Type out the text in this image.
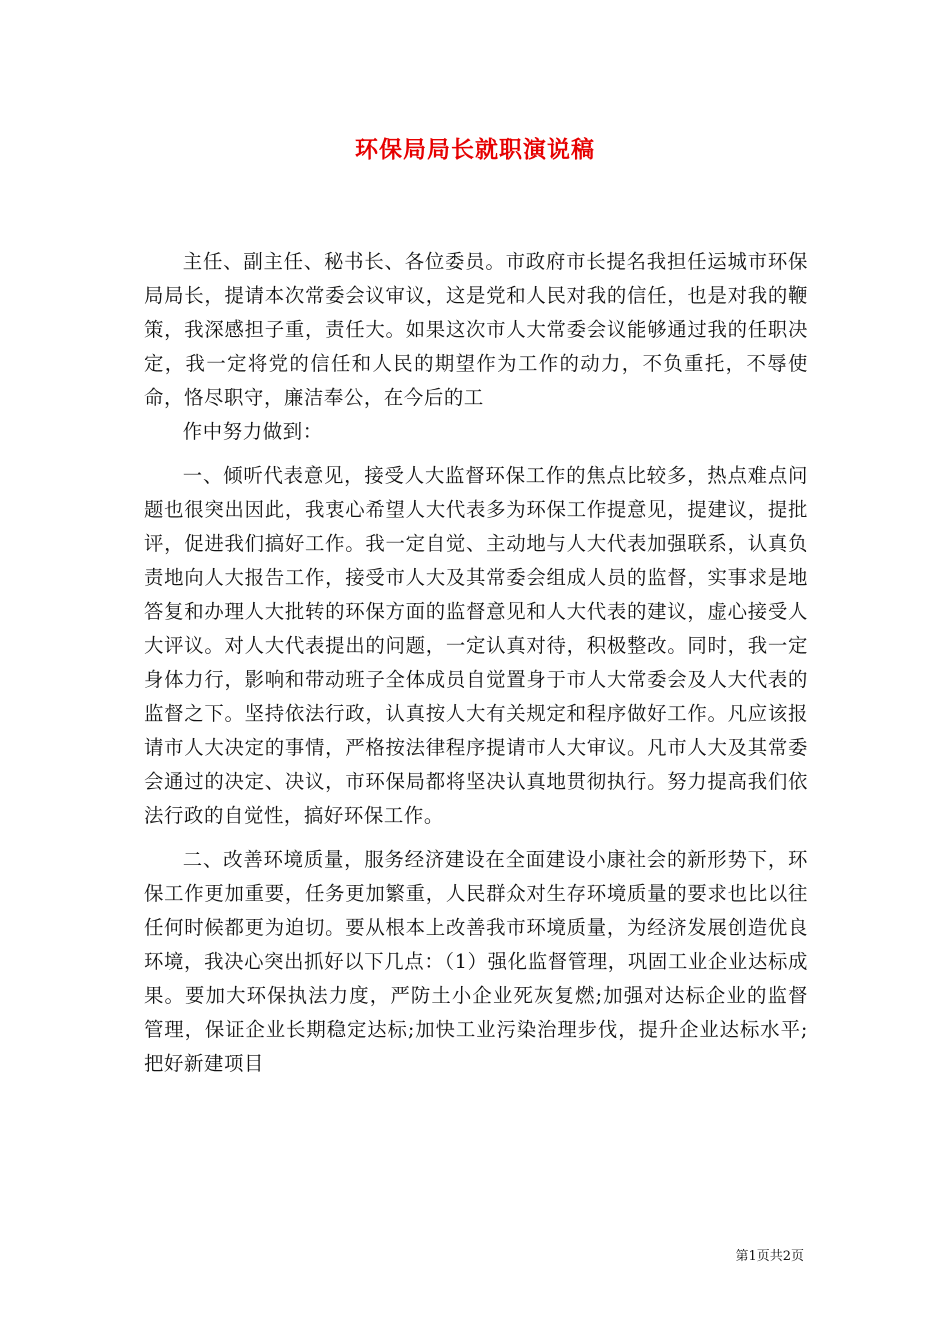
环保局局长就职演说稿

主任、副主任、秘书长、各位委员。市政府市长提名我担任运城市环保局局长，提请本次常委会议审议，这是党和人民对我的信任，也是对我的鞭策，我深感担子重，责任大。如果这次市人大常委会议能够通过我的任职决定，我一定将党的信任和人民的期望作为工作的动力，不负重托，不辱使命，恪尽职守，廉洁奉公，在今后的工

作中努力做到：

一、倾听代表意见，接受人大监督环保工作的焦点比较多，热点难点问题也很突出因此，我衷心希望人大代表多为环保工作提意见，提建议，提批评，促进我们搞好工作。我一定自觉、主动地与人大代表加强联系，认真负责地向人大报告工作，接受市人大及其常委会组成人员的监督，实事求是地答复和办理人大批转的环保方面的监督意见和人大代表的建议，虚心接受人大评议。对人大代表提出的问题，一定认真对待，积极整改。同时，我一定身体力行，影响和带动班子全体成员自觉置身于市人大常委会及人大代表的监督之下。坚持依法行政，认真按人大有关规定和程序做好工作。凡应该报请市人大决定的事情，严格按法律程序提请市人大审议。凡市人大及其常委会通过的决定、决议，市环保局都将坚决认真地贯彻执行。努力提高我们依法行政的自觉性，搞好环保工作。

二、改善环境质量，服务经济建设在全面建设小康社会的新形势下，环保工作更加重要，任务更加繁重，人民群众对生存环境质量的要求也比以往任何时候都更为迫切。要从根本上改善我市环境质量，为经济发展创造优良环境，我决心突出抓好以下几点：（1）强化监督管理，巩固工业企业达标成果。要加大环保执法力度，严防土小企业死灰复燃;加强对达标企业的监督管理，保证企业长期稳定达标;加快工业污染治理步伐，提升企业达标水平;把好新建项目

第1页共2页
